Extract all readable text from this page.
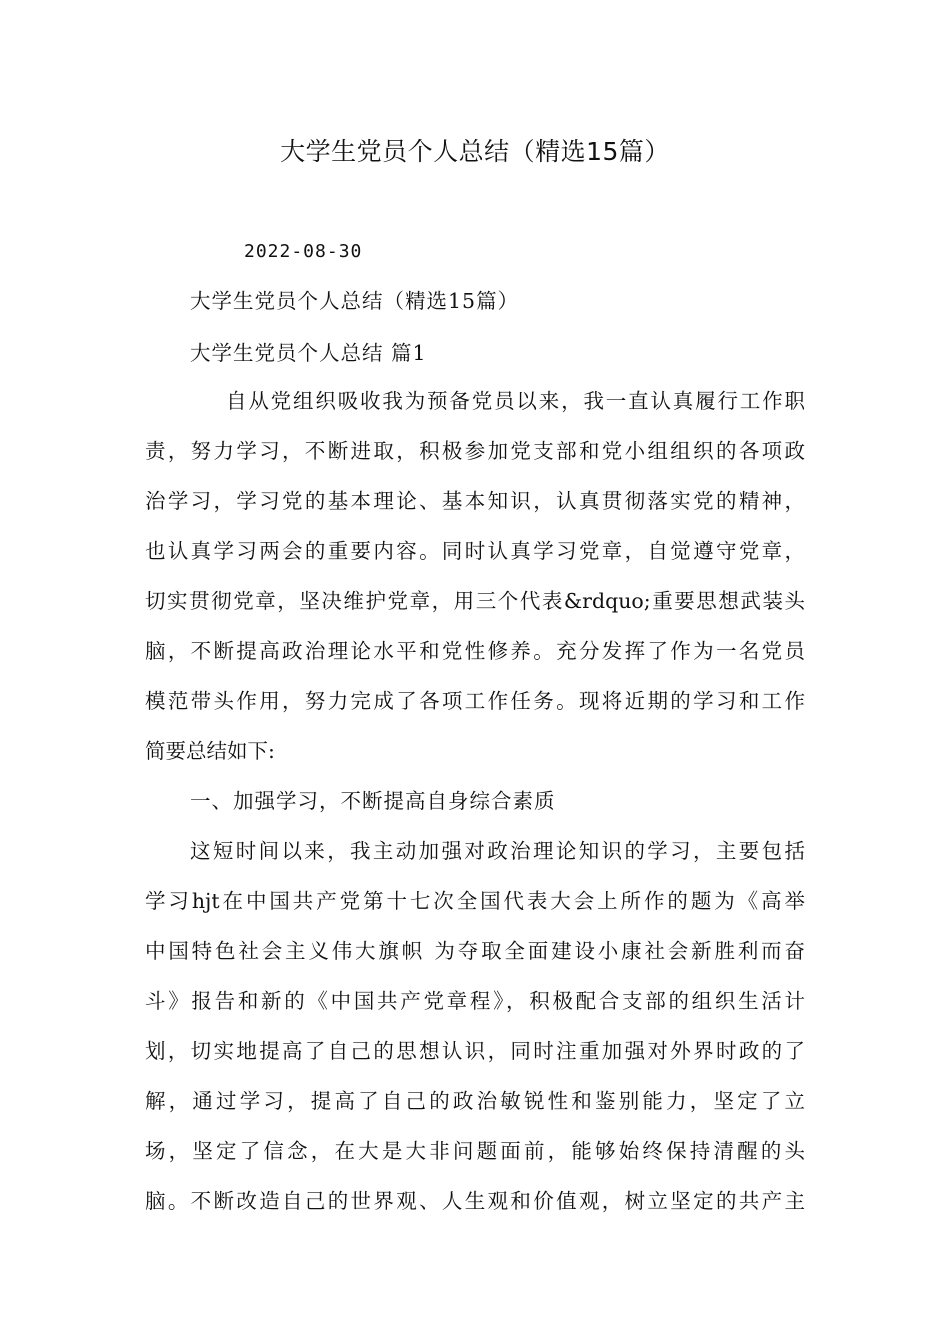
大学生党员个人总结（精选15篇）
2022-08-30
大学生党员个人总结（精选15篇）
大学生党员个人总结 篇1
自从党组织吸收我为预备党员以来，我一直认真履行工作职
责，努力学习，不断进取，积极参加党支部和党小组组织的各项政
治学习，学习党的基本理论、基本知识，认真贯彻落实党的精神，
也认真学习两会的重要内容。同时认真学习党章，自觉遵守党章，
切实贯彻党章，坚决维护党章，用三个代表&rdquo;重要思想武装头
脑，不断提高政治理论水平和党性修养。充分发挥了作为一名党员
模范带头作用，努力完成了各项工作任务。现将近期的学习和工作
简要总结如下:
一、加强学习，不断提高自身综合素质
这短时间以来，我主动加强对政治理论知识的学习，主要包括
学习hjt在中国共产党第十七次全国代表大会上所作的题为《高举
中国特色社会主义伟大旗帜 为夺取全面建设小康社会新胜利而奋
斗》报告和新的《中国共产党章程》，积极配合支部的组织生活计
划，切实地提高了自己的思想认识，同时注重加强对外界时政的了
解，通过学习，提高了自己的政治敏锐性和鉴别能力，坚定了立
场，坚定了信念，在大是大非问题面前，能够始终保持清醒的头
脑。不断改造自己的世界观、人生观和价值观，树立坚定的共产主
